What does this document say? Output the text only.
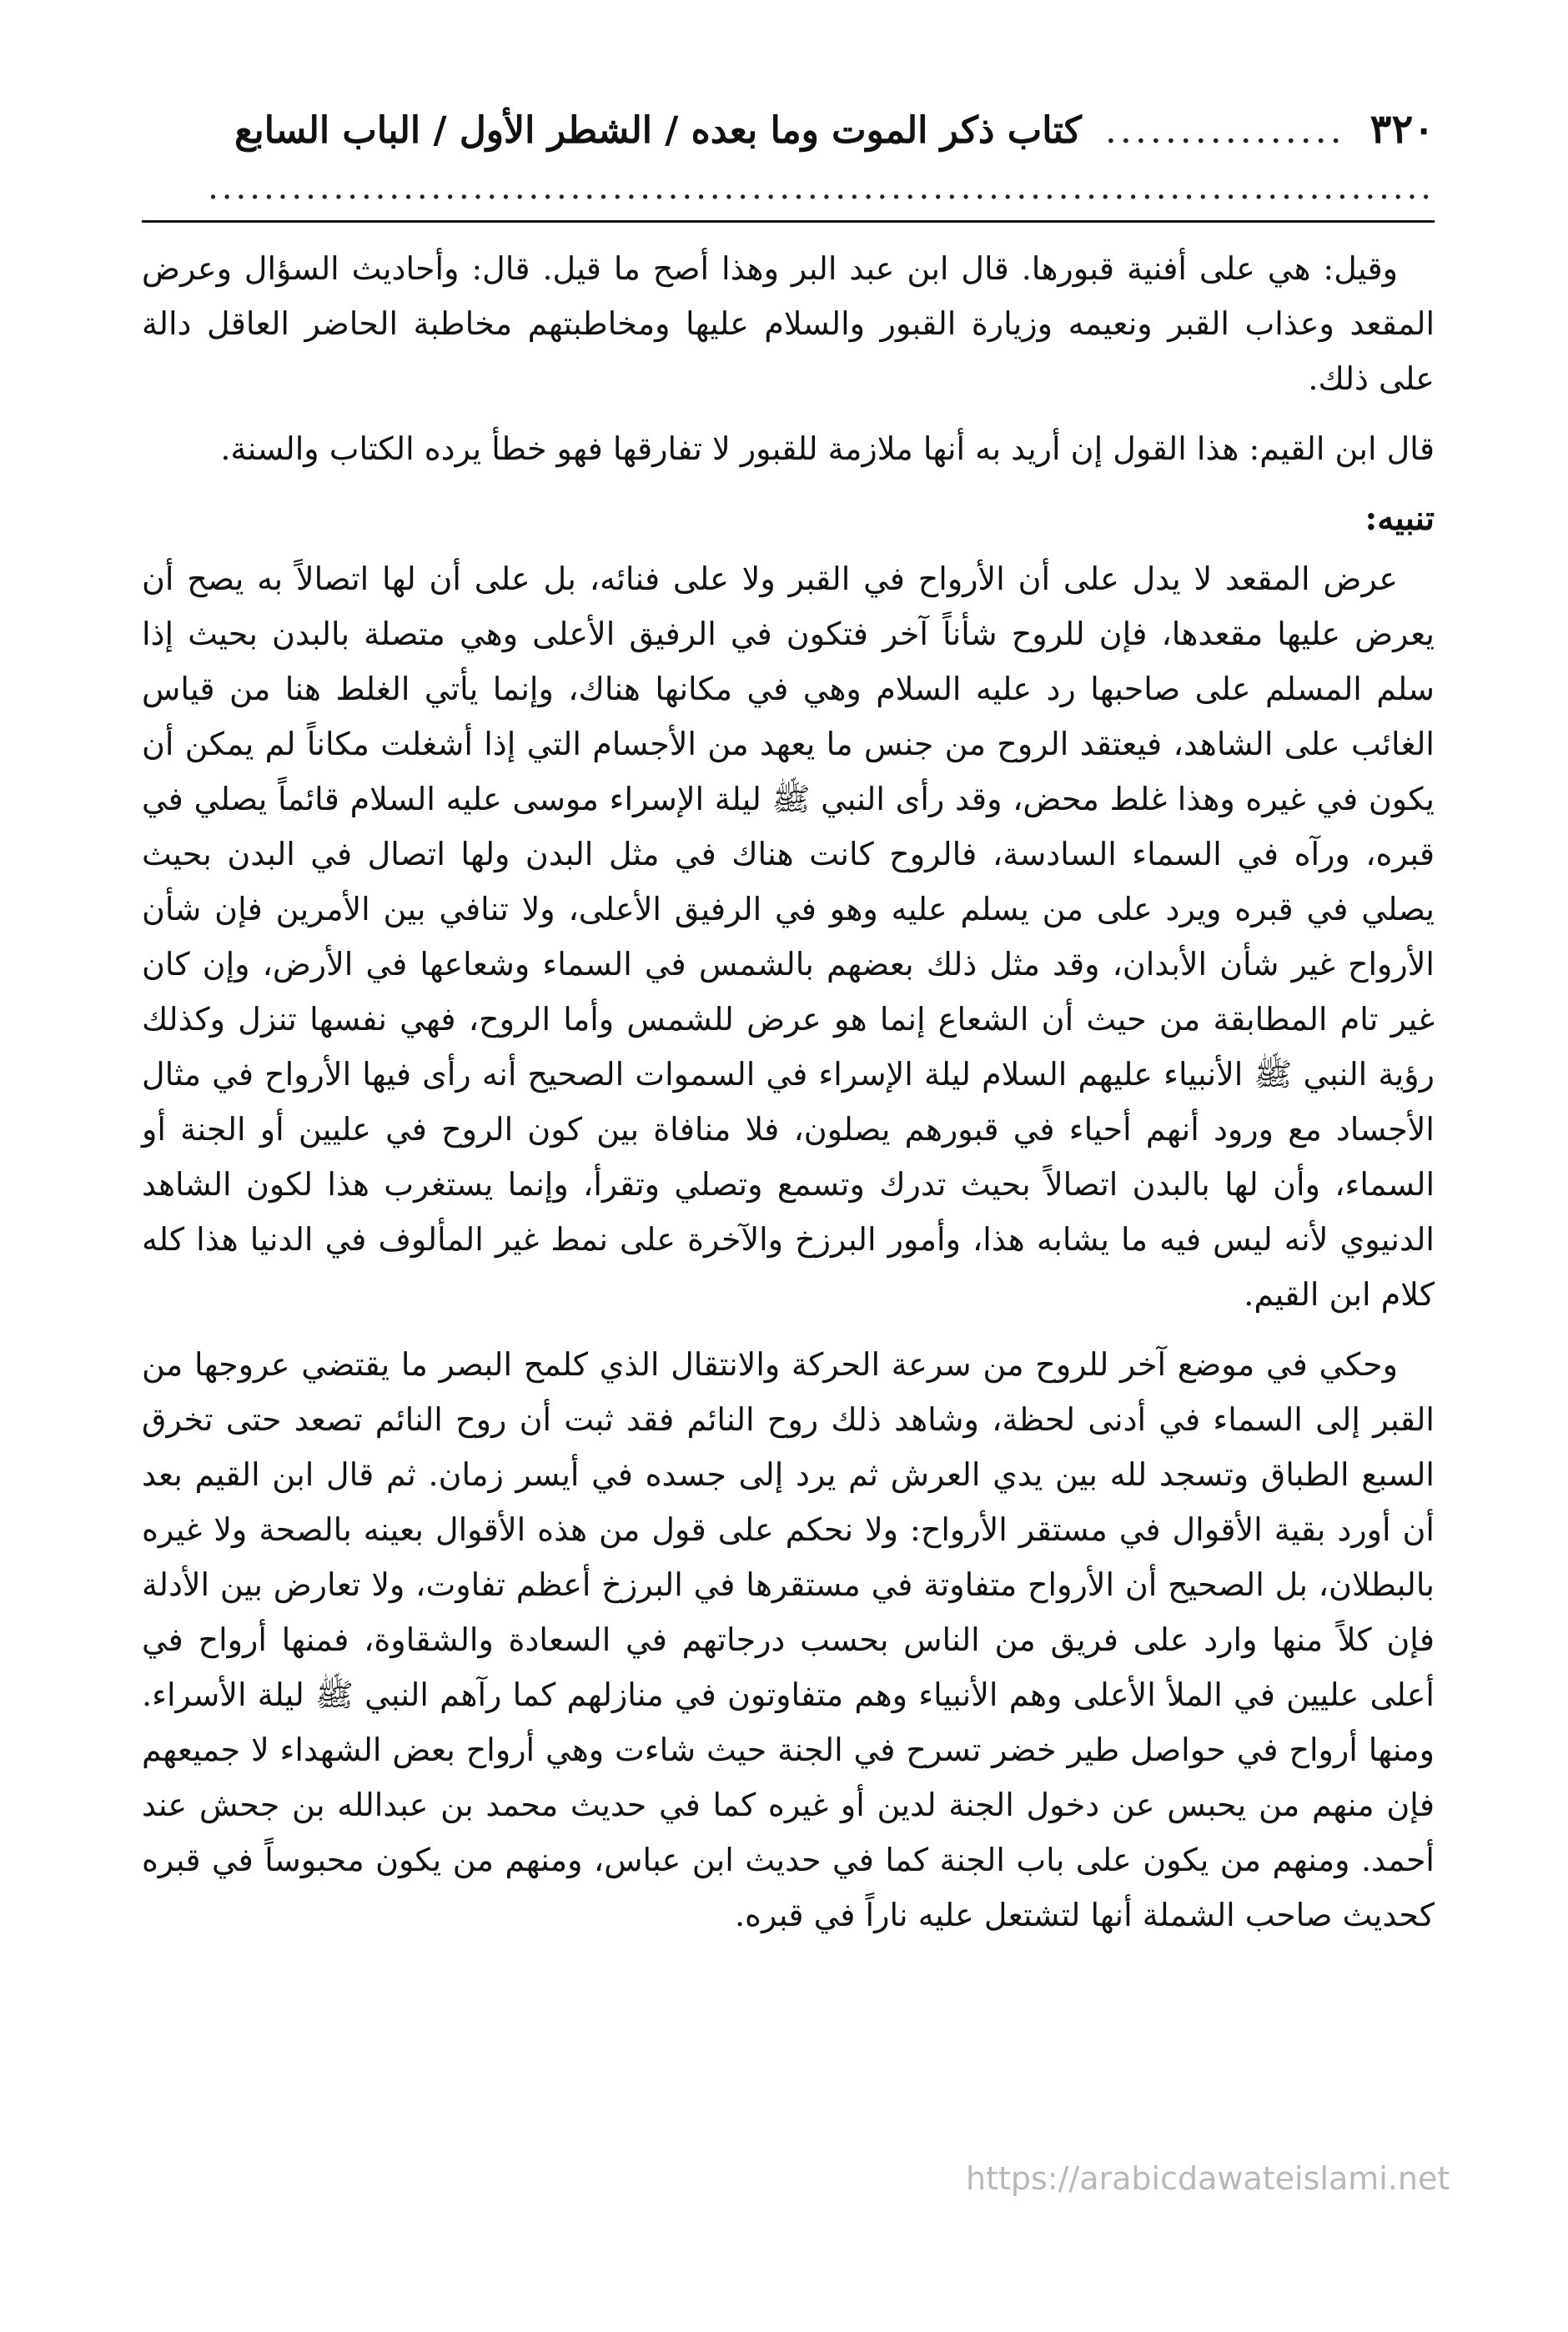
٣٢٠
................
كتاب ذكر الموت وما بعده / الشطر الأول / الباب السابع
........................................................................................

وقيل: هي على أفنية قبورها. قال ابن عبد البر وهذا أصح ما قيل. قال: وأحاديث السؤال وعرض المقعد وعذاب القبر ونعيمه وزيارة القبور والسلام عليها ومخاطبتهم مخاطبة الحاضر العاقل دالة على ذلك.

قال ابن القيم: هذا القول إن أريد به أنها ملازمة للقبور لا تفارقها فهو خطأ يرده الكتاب والسنة.

تنبيه:

عرض المقعد لا يدل على أن الأرواح في القبر ولا على فنائه، بل على أن لها اتصالاً به يصح أن يعرض عليها مقعدها، فإن للروح شأناً آخر فتكون في الرفيق الأعلى وهي متصلة بالبدن بحيث إذا سلم المسلم على صاحبها رد عليه السلام وهي في مكانها هناك، وإنما يأتي الغلط هنا من قياس الغائب على الشاهد، فيعتقد الروح من جنس ما يعهد من الأجسام التي إذا أشغلت مكاناً لم يمكن أن يكون في غيره وهذا غلط محض، وقد رأى النبي ﷺ ليلة الإسراء موسى عليه السلام قائماً يصلي في قبره، ورآه في السماء السادسة، فالروح كانت هناك في مثل البدن ولها اتصال في البدن بحيث يصلي في قبره ويرد على من يسلم عليه وهو في الرفيق الأعلى، ولا تنافي بين الأمرين فإن شأن الأرواح غير شأن الأبدان، وقد مثل ذلك بعضهم بالشمس في السماء وشعاعها في الأرض، وإن كان غير تام المطابقة من حيث أن الشعاع إنما هو عرض للشمس وأما الروح، فهي نفسها تنزل وكذلك رؤية النبي ﷺ الأنبياء عليهم السلام ليلة الإسراء في السموات الصحيح أنه رأى فيها الأرواح في مثال الأجساد مع ورود أنهم أحياء في قبورهم يصلون، فلا منافاة بين كون الروح في عليين أو الجنة أو السماء، وأن لها بالبدن اتصالاً بحيث تدرك وتسمع وتصلي وتقرأ، وإنما يستغرب هذا لكون الشاهد الدنيوي لأنه ليس فيه ما يشابه هذا، وأمور البرزخ والآخرة على نمط غير المألوف في الدنيا هذا كله كلام ابن القيم.

وحكي في موضع آخر للروح من سرعة الحركة والانتقال الذي كلمح البصر ما يقتضي عروجها من القبر إلى السماء في أدنى لحظة، وشاهد ذلك روح النائم فقد ثبت أن روح النائم تصعد حتى تخرق السبع الطباق وتسجد لله بين يدي العرش ثم يرد إلى جسده في أيسر زمان. ثم قال ابن القيم بعد أن أورد بقية الأقوال في مستقر الأرواح: ولا نحكم على قول من هذه الأقوال بعينه بالصحة ولا غيره بالبطلان، بل الصحيح أن الأرواح متفاوتة في مستقرها في البرزخ أعظم تفاوت، ولا تعارض بين الأدلة فإن كلاً منها وارد على فريق من الناس بحسب درجاتهم في السعادة والشقاوة، فمنها أرواح في أعلى عليين في الملأ الأعلى وهم الأنبياء وهم متفاوتون في منازلهم كما رآهم النبي ﷺ ليلة الأسراء. ومنها أرواح في حواصل طير خضر تسرح في الجنة حيث شاءت وهي أرواح بعض الشهداء لا جميعهم فإن منهم من يحبس عن دخول الجنة لدين أو غيره كما في حديث محمد بن عبدالله بن جحش عند أحمد. ومنهم من يكون على باب الجنة كما في حديث ابن عباس، ومنهم من يكون محبوساً في قبره كحديث صاحب الشملة أنها لتشتعل عليه ناراً في قبره.

https://arabicdawateislami.net
